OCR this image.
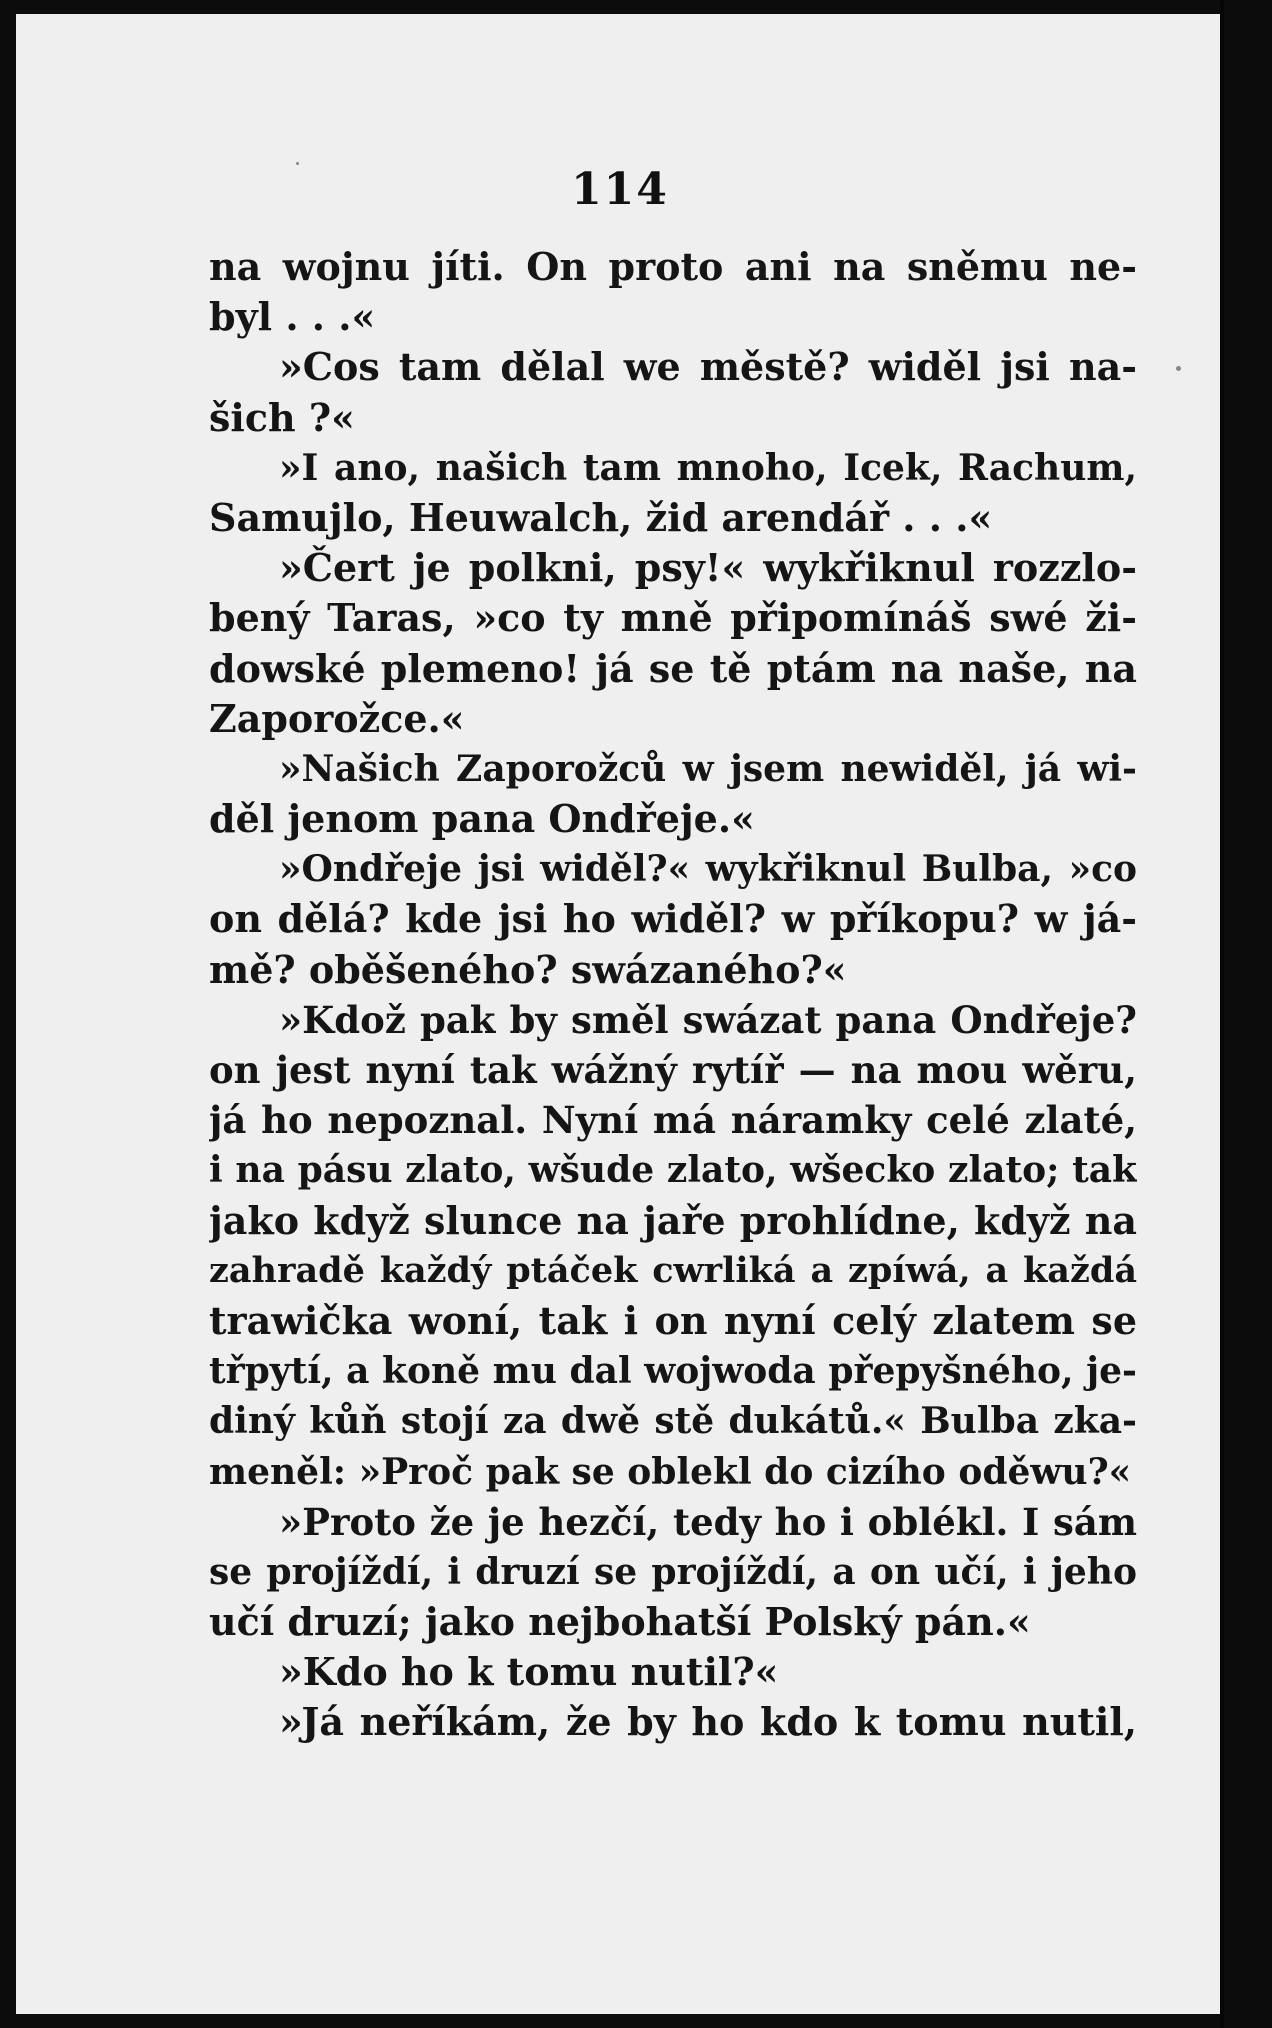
114
na wojnu jíti. On proto ani na sněmu ne-
byl . . .«
»Cos tam dělal we městě? widěl jsi na-
šich ?«
»I ano, našich tam mnoho, Icek, Rachum,
Samujlo, Heuwalch, žid arendář . . .«
»Čert je polkni, psy!« wykřiknul rozzlo-
bený Taras, »co ty mně připomínáš swé ži-
dowské plemeno! já se tě ptám na naše, na
Zaporožce.«
»Našich Zaporožců w jsem newiděl, já wi-
děl jenom pana Ondřeje.«
»Ondřeje jsi widěl?« wykřiknul Bulba, »co
on dělá? kde jsi ho widěl? w příkopu? w já-
mě? oběšeného? swázaného?«
»Kdož pak by směl swázat pana Ondřeje?
on jest nyní tak wážný rytíř — na mou wěru,
já ho nepoznal. Nyní má náramky celé zlaté,
i na pásu zlato, wšude zlato, wšecko zlato; tak
jako když slunce na jaře prohlídne, když na
zahradě každý ptáček cwrliká a zpíwá, a každá
trawička woní, tak i on nyní celý zlatem se
třpytí, a koně mu dal wojwoda přepyšného, je-
diný kůň stojí za dwě stě dukátů.« Bulba zka-
meněl: »Proč pak se oblekl do cizího oděwu?«
»Proto že je hezčí, tedy ho i oblékl. I sám
se projíždí, i druzí se projíždí, a on učí, i jeho
učí druzí; jako nejbohatší Polský pán.«
»Kdo ho k tomu nutil?«
»Já neříkám, že by ho kdo k tomu nutil,
